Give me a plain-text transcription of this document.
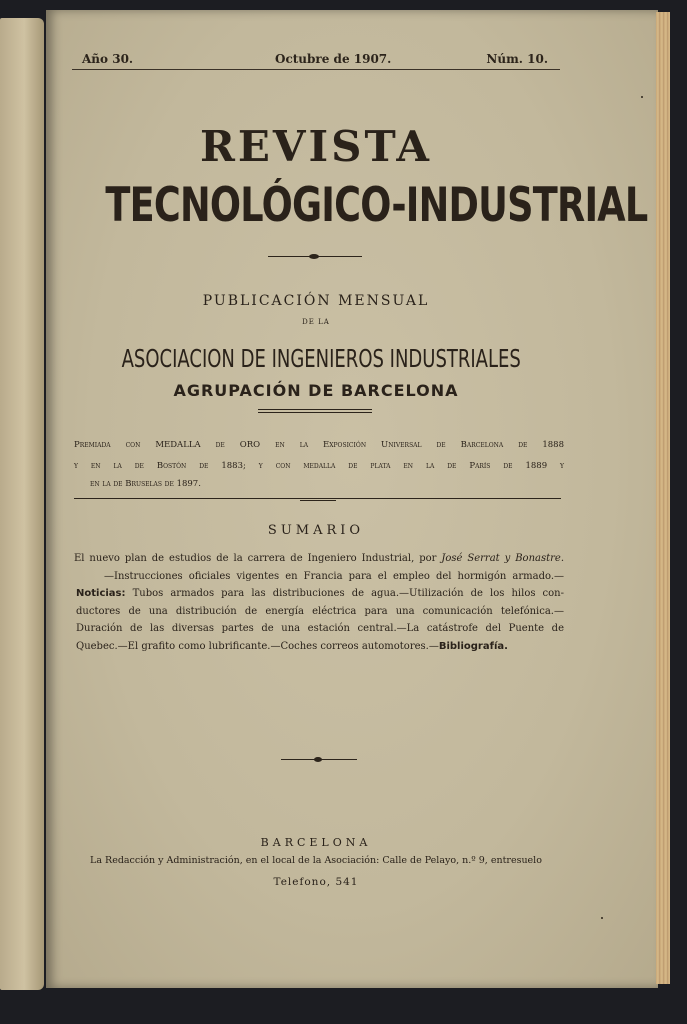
Año 30.	Octubre de 1907.	Núm. 10.
REVISTA
TECNOLÓGICO-INDUSTRIAL
PUBLICACIÓN MENSUAL
DE LA
ASOCIACION DE INGENIEROS INDUSTRIALES
AGRUPACIÓN DE BARCELONA
Premiada con MEDALLA de ORO en la Exposición Universal de Barcelona de 1888
y en la de Bostón de 1883; y con medalla de plata en la de París de 1889 y
en la de Bruselas de 1897.
SUMARIO
El nuevo plan de estudios de la carrera de Ingeniero Industrial, por José Serrat y Bonastre.
—Instrucciones oficiales vigentes en Francia para el empleo del hormigón armado.—
Noticias: Tubos armados para las distribuciones de agua.—Utilización de los hilos con-
ductores de una distribución de energía eléctrica para una comunicación telefónica.—
Duración de las diversas partes de una estación central.—La catástrofe del Puente de
Quebec.—El grafito como lubrificante.—Coches correos automotores.—Bibliografía.
BARCELONA
La Redacción y Administración, en el local de la Asociación: Calle de Pelayo, n.º 9, entresuelo
Telefono, 541
